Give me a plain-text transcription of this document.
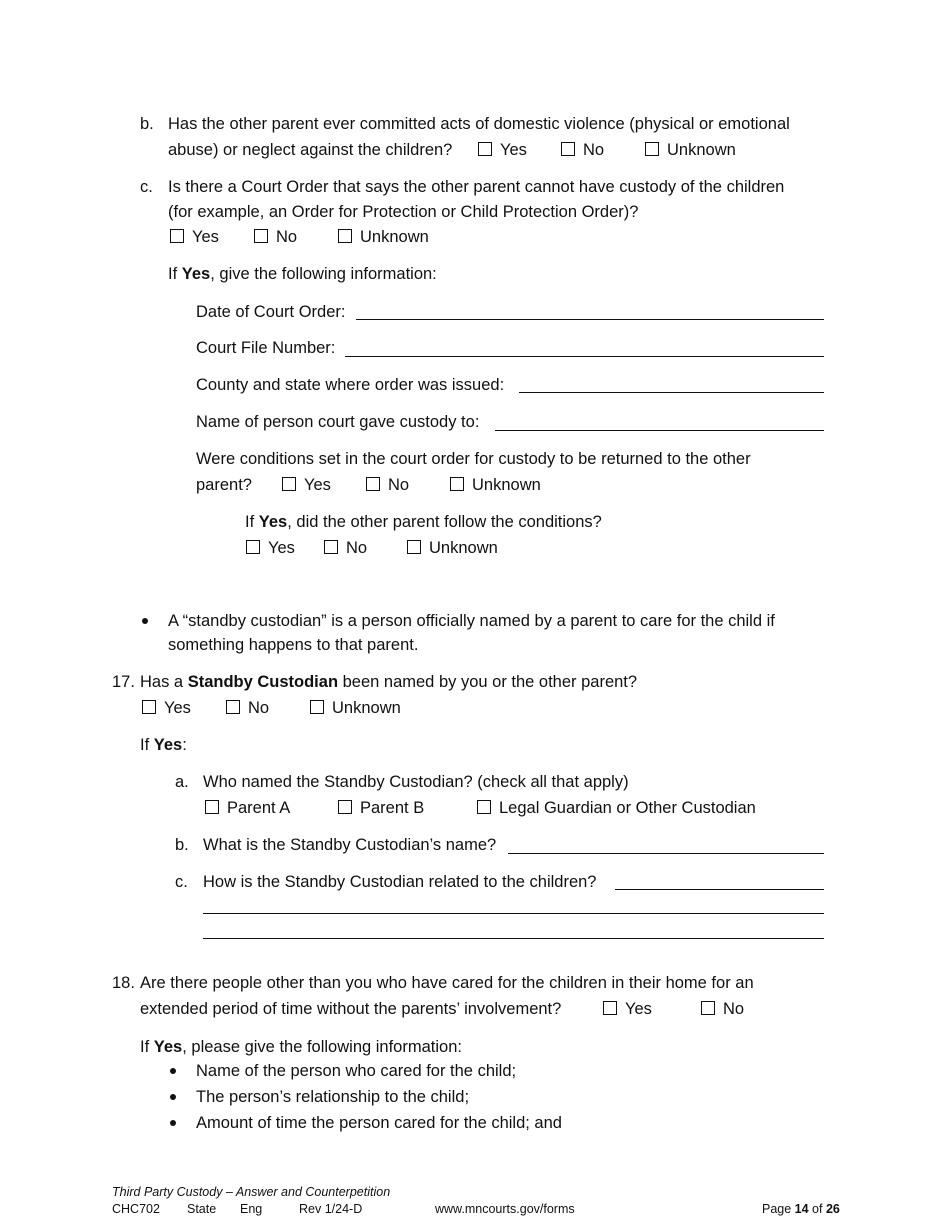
b. Has the other parent ever committed acts of domestic violence (physical or emotional
abuse) or neglect against the children?	Yes	No	Unknown
c. Is there a Court Order that says the other parent cannot have custody of the children
(for example, an Order for Protection or Child Protection Order)?
Yes	No	Unknown
If Yes, give the following information:
Date of Court Order:
Court File Number:
County and state where order was issued:
Name of person court gave custody to:
Were conditions set in the court order for custody to be returned to the other
parent?	Yes	No	Unknown
If Yes, did the other parent follow the conditions?
Yes	No	Unknown
A “standby custodian” is a person officially named by a parent to care for the child if
something happens to that parent.
17. Has a Standby Custodian been named by you or the other parent?
Yes	No	Unknown
If Yes:
a. Who named the Standby Custodian? (check all that apply)
Parent A	Parent B	Legal Guardian or Other Custodian
b. What is the Standby Custodian’s name?
c. How is the Standby Custodian related to the children?
18. Are there people other than you who have cared for the children in their home for an
extended period of time without the parents’ involvement?	Yes	No
If Yes, please give the following information:
Name of the person who cared for the child;
The person’s relationship to the child;
Amount of time the person cared for the child; and
Third Party Custody – Answer and Counterpetition
CHC702 State Eng	Rev 1/24-D	www.mncourts.gov/forms	Page 14 of 26
